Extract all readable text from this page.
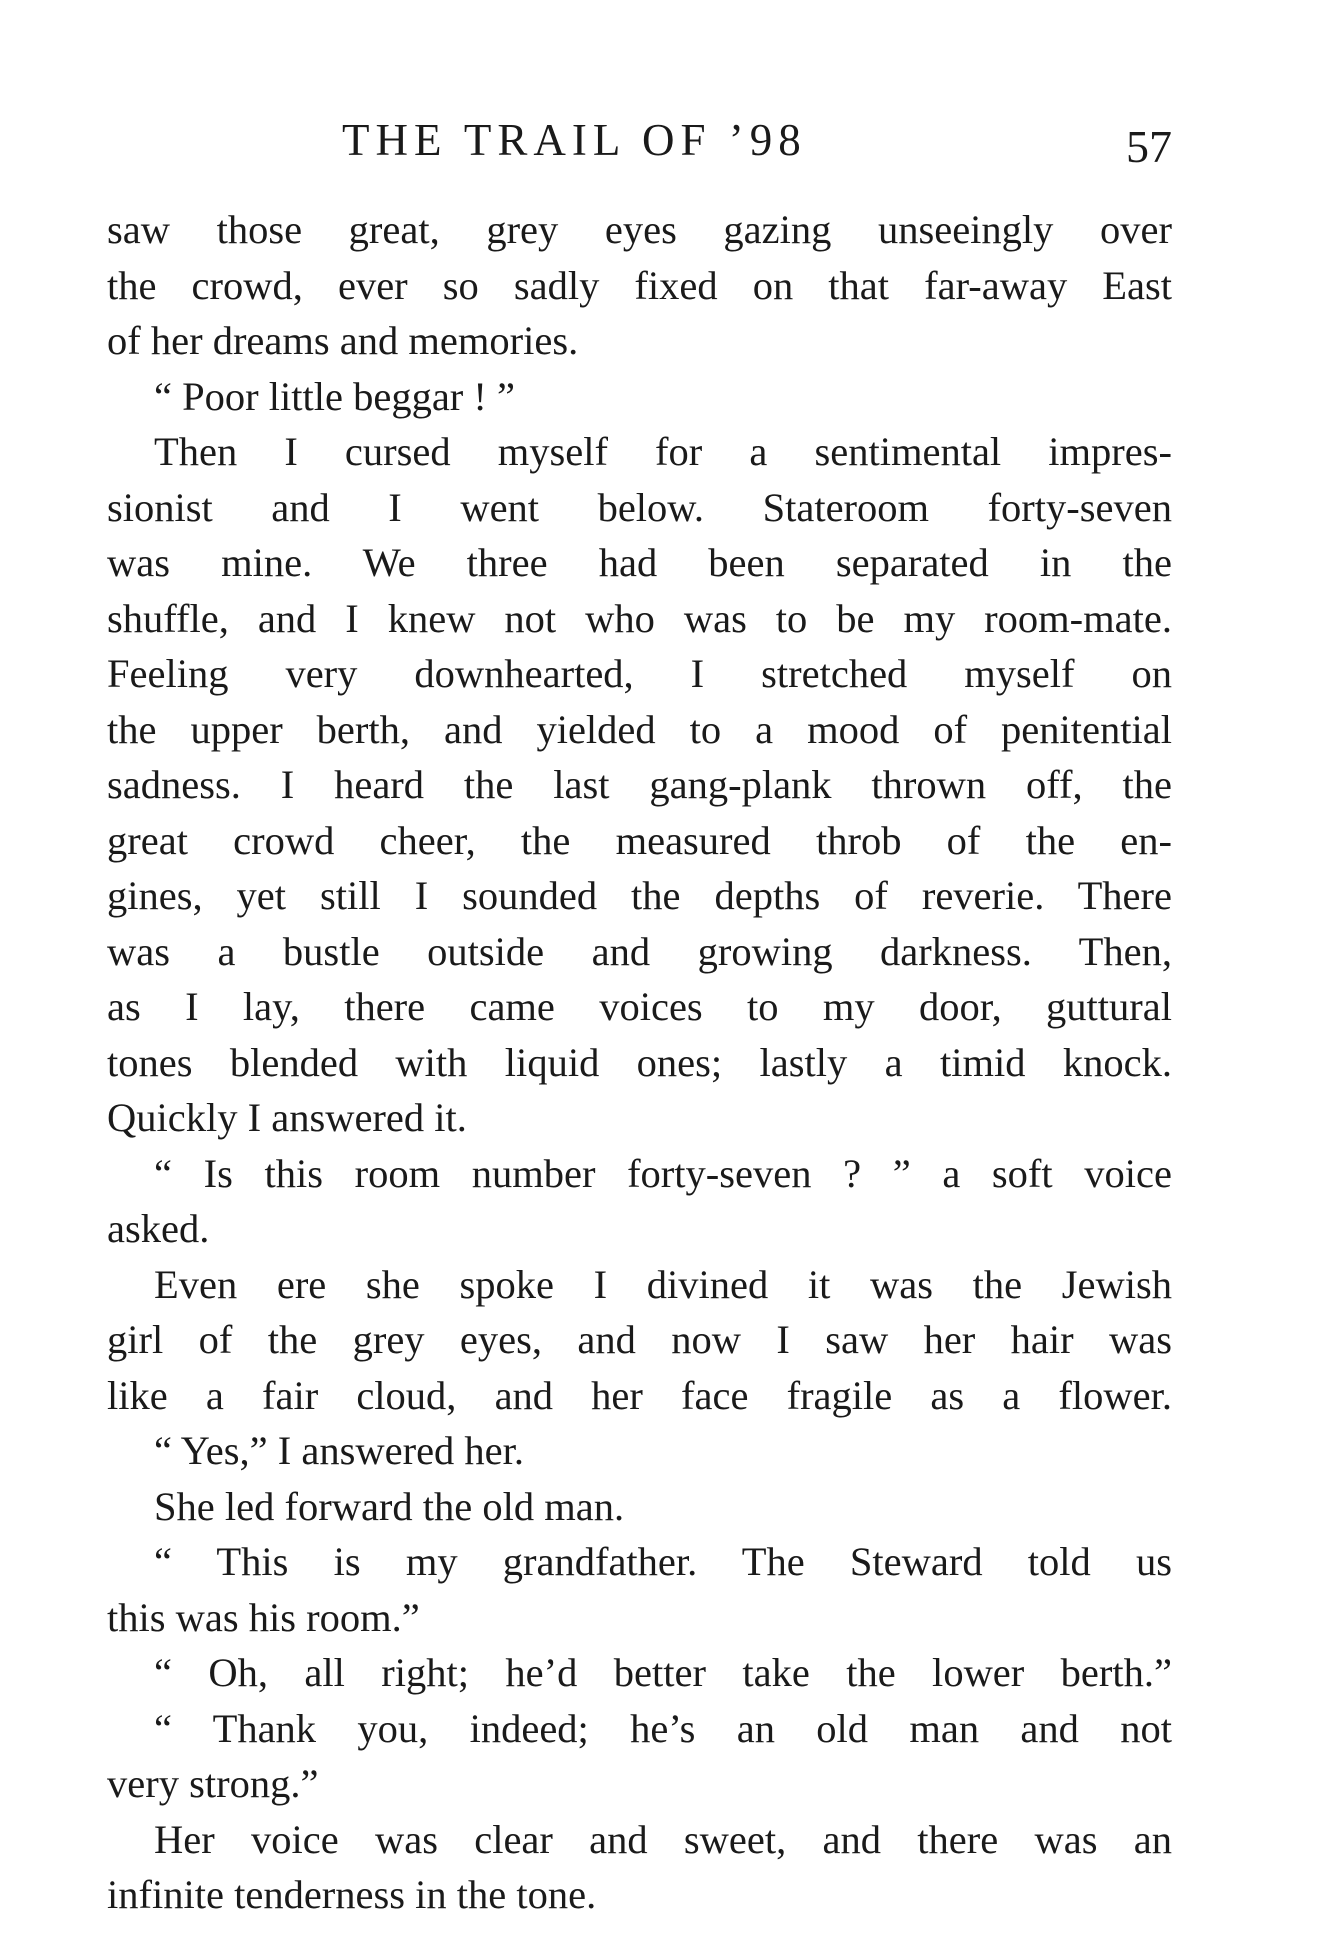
THE TRAIL OF ’98	57
saw those great, grey eyes gazing unseeingly over
the crowd, ever so sadly fixed on that far-away East
of her dreams and memories.
“ Poor little beggar ! ”
Then I cursed myself for a sentimental impres-
sionist and I went below. Stateroom forty-seven
was mine. We three had been separated in the
shuffle, and I knew not who was to be my room-mate.
Feeling very downhearted, I stretched myself on
the upper berth, and yielded to a mood of penitential
sadness. I heard the last gang-plank thrown off, the
great crowd cheer, the measured throb of the en-
gines, yet still I sounded the depths of reverie. There
was a bustle outside and growing darkness. Then,
as I lay, there came voices to my door, guttural
tones blended with liquid ones; lastly a timid knock.
Quickly I answered it.
“ Is this room number forty-seven ? ” a soft voice
asked.
Even ere she spoke I divined it was the Jewish
girl of the grey eyes, and now I saw her hair was
like a fair cloud, and her face fragile as a flower.
“ Yes,” I answered her.
She led forward the old man.
“ This is my grandfather. The Steward told us
this was his room.”
“ Oh, all right; he’d better take the lower berth.”
“ Thank you, indeed; he’s an old man and not
very strong.”
Her voice was clear and sweet, and there was an
infinite tenderness in the tone.
